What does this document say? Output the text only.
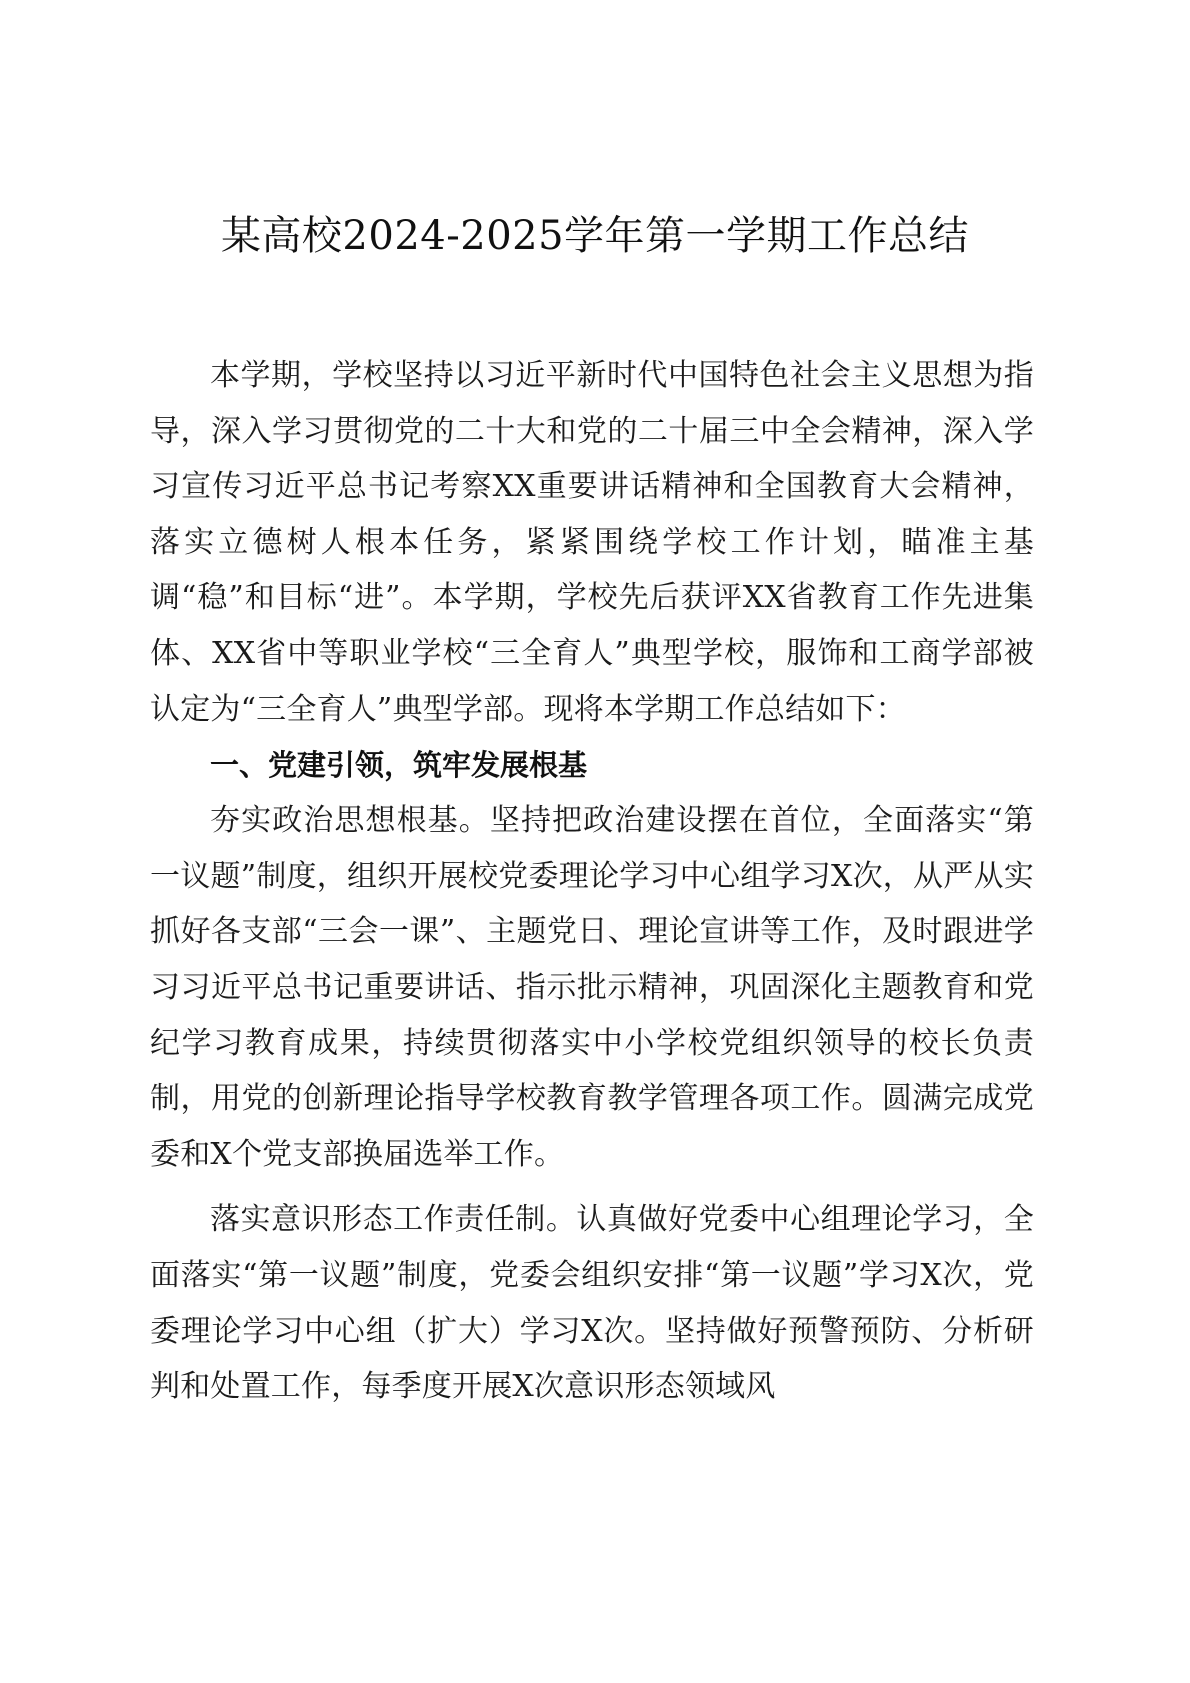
某高校2024-2025学年第一学期工作总结

本学期，学校坚持以习近平新时代中国特色社会主义思想为指导，深入学习贯彻党的二十大和党的二十届三中全会精神，深入学习宣传习近平总书记考察XX重要讲话精神和全国教育大会精神，落实立德树人根本任务，紧紧围绕学校工作计划，瞄准主基调“稳”和目标“进”。本学期，学校先后获评XX省教育工作先进集体、XX省中等职业学校“三全育人”典型学校，服饰和工商学部被认定为“三全育人”典型学部。现将本学期工作总结如下：

一、党建引领，筑牢发展根基

夯实政治思想根基。坚持把政治建设摆在首位，全面落实“第一议题”制度，组织开展校党委理论学习中心组学习X次，从严从实抓好各支部“三会一课”、主题党日、理论宣讲等工作，及时跟进学习习近平总书记重要讲话、指示批示精神，巩固深化主题教育和党纪学习教育成果，持续贯彻落实中小学校党组织领导的校长负责制，用党的创新理论指导学校教育教学管理各项工作。圆满完成党委和X个党支部换届选举工作。

落实意识形态工作责任制。认真做好党委中心组理论学习，全面落实“第一议题”制度，党委会组织安排“第一议题”学习X次，党委理论学习中心组（扩大）学习X次。坚持做好预警预防、分析研判和处置工作，每季度开展X次意识形态领域风
